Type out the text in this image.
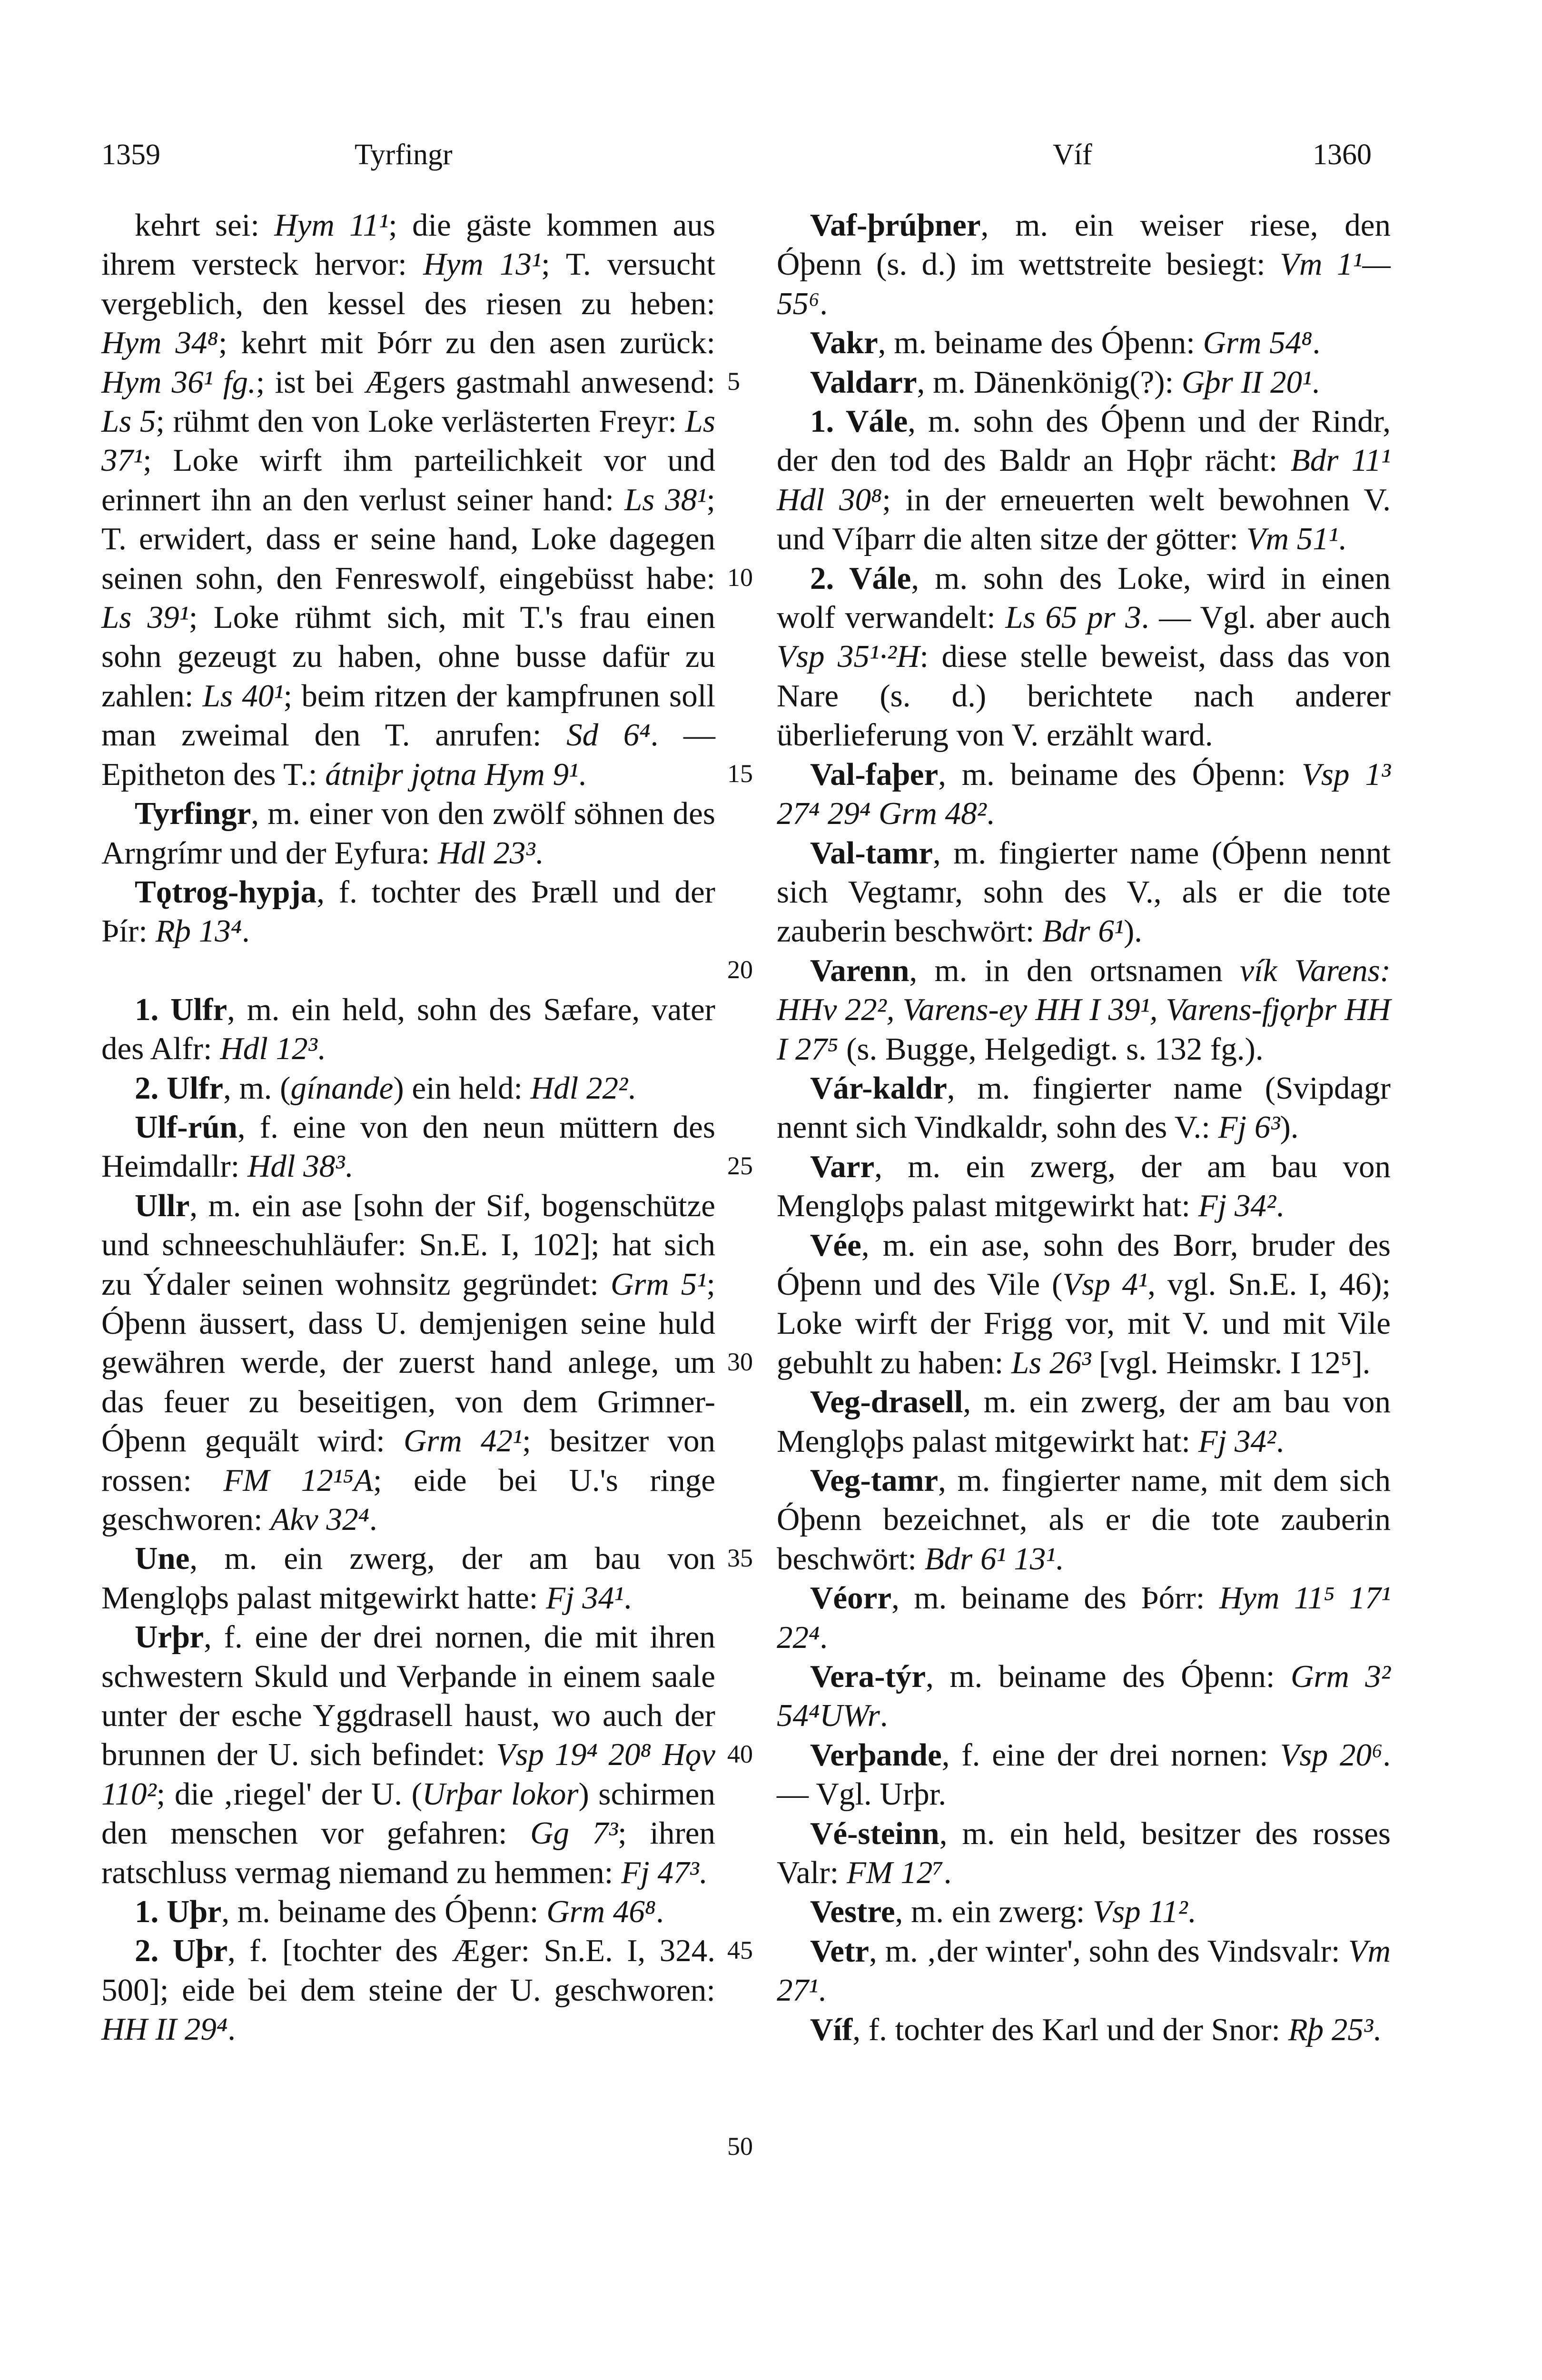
1359	Tyrfingr	Víf	1360

kehrt sei: Hym 11¹; die gäste kommen aus ihrem versteck hervor: Hym 13¹; T. versucht vergeblich, den kessel des riesen zu heben: Hym 34⁸; kehrt mit Þórr zu den asen zurück: Hym 36¹ fg.; ist bei Ægers gastmahl anwesend: Ls 5; rühmt den von Loke verlästerten Freyr: Ls 37¹; Loke wirft ihm parteilichkeit vor und erinnert ihn an den verlust seiner hand: Ls 38¹; T. erwidert, dass er seine hand, Loke dagegen seinen sohn, den Fenreswolf, eingebüsst habe: Ls 39¹; Loke rühmt sich, mit T.'s frau einen sohn gezeugt zu haben, ohne busse dafür zu zahlen: Ls 40¹; beim ritzen der kampfrunen soll man zweimal den T. anrufen: Sd 6⁴. — Epitheton des T.: átniþr jǫtna Hym 9¹.

Tyrfingr, m. einer von den zwölf söhnen des Arngrímr und der Eyfura: Hdl 23³.

Tǫtrog-hypja, f. tochter des Þræll und der Þír: Rþ 13⁴.

1. Ulfr, m. ein held, sohn des Sæfare, vater des Alfr: Hdl 12³.

2. Ulfr, m. (gínande) ein held: Hdl 22².

Ulf-rún, f. eine von den neun müttern des Heimdallr: Hdl 38³.

Ullr, m. ein ase [sohn der Sif, bogenschütze und schneeschuhläufer: Sn.E. I, 102]; hat sich zu Ýdaler seinen wohnsitz gegründet: Grm 5¹; Óþenn äussert, dass U. demjenigen seine huld gewähren werde, der zuerst hand anlege, um das feuer zu beseitigen, von dem Grimner-Óþenn gequält wird: Grm 42¹; besitzer von rossen: FM 12¹⁵A; eide bei U.'s ringe geschworen: Akv 32⁴.

Une, m. ein zwerg, der am bau von Menglǫþs palast mitgewirkt hatte: Fj 34¹.

Urþr, f. eine der drei nornen, die mit ihren schwestern Skuld und Verþande in einem saale unter der esche Yggdrasell haust, wo auch der brunnen der U. sich befindet: Vsp 19⁴ 20⁸ Hǫv 110²; die ‚riegel' der U. (Urþar lokor) schirmen den menschen vor gefahren: Gg 7³; ihren ratschluss vermag niemand zu hemmen: Fj 47³.

1. Uþr, m. beiname des Óþenn: Grm 46⁸.

2. Uþr, f. [tochter des Æger: Sn.E. I, 324. 500]; eide bei dem steine der U. geschworen: HH II 29⁴.

5
10
15
20
25
30
35
40
45
50

Vaf-þrúþner, m. ein weiser riese, den Óþenn (s. d.) im wettstreite besiegt: Vm 1¹—55⁶.

Vakr, m. beiname des Óþenn: Grm 54⁸.

Valdarr, m. Dänenkönig(?): Gþr II 20¹.

1. Vále, m. sohn des Óþenn und der Rindr, der den tod des Baldr an Hǫþr rächt: Bdr 11¹ Hdl 30⁸; in der erneuerten welt bewohnen V. und Víþarr die alten sitze der götter: Vm 51¹.

2. Vále, m. sohn des Loke, wird in einen wolf verwandelt: Ls 65 pr 3. — Vgl. aber auch Vsp 35¹·²H: diese stelle beweist, dass das von Nare (s. d.) berichtete nach anderer überlieferung von V. erzählt ward.

Val-faþer, m. beiname des Óþenn: Vsp 1³ 27⁴ 29⁴ Grm 48².

Val-tamr, m. fingierter name (Óþenn nennt sich Vegtamr, sohn des V., als er die tote zauberin beschwört: Bdr 6¹).

Varenn, m. in den ortsnamen vík Varens: HHv 22², Varens-ey HH I 39¹, Varens-fjǫrþr HH I 27⁵ (s. Bugge, Helgedigt. s. 132 fg.).

Vár-kaldr, m. fingierter name (Svipdagr nennt sich Vindkaldr, sohn des V.: Fj 6³).

Varr, m. ein zwerg, der am bau von Menglǫþs palast mitgewirkt hat: Fj 34².

Vée, m. ein ase, sohn des Borr, bruder des Óþenn und des Vile (Vsp 4¹, vgl. Sn.E. I, 46); Loke wirft der Frigg vor, mit V. und mit Vile gebuhlt zu haben: Ls 26³ [vgl. Heimskr. I 12⁵].

Veg-drasell, m. ein zwerg, der am bau von Menglǫþs palast mitgewirkt hat: Fj 34².

Veg-tamr, m. fingierter name, mit dem sich Óþenn bezeichnet, als er die tote zauberin beschwört: Bdr 6¹ 13¹.

Véorr, m. beiname des Þórr: Hym 11⁵ 17¹ 22⁴.

Vera-týr, m. beiname des Óþenn: Grm 3² 54⁴UWr.

Verþande, f. eine der drei nornen: Vsp 20⁶. — Vgl. Urþr.

Vé-steinn, m. ein held, besitzer des rosses Valr: FM 12⁷.

Vestre, m. ein zwerg: Vsp 11².

Vetr, m. ‚der winter', sohn des Vindsvalr: Vm 27¹.

Víf, f. tochter des Karl und der Snor: Rþ 25³.
